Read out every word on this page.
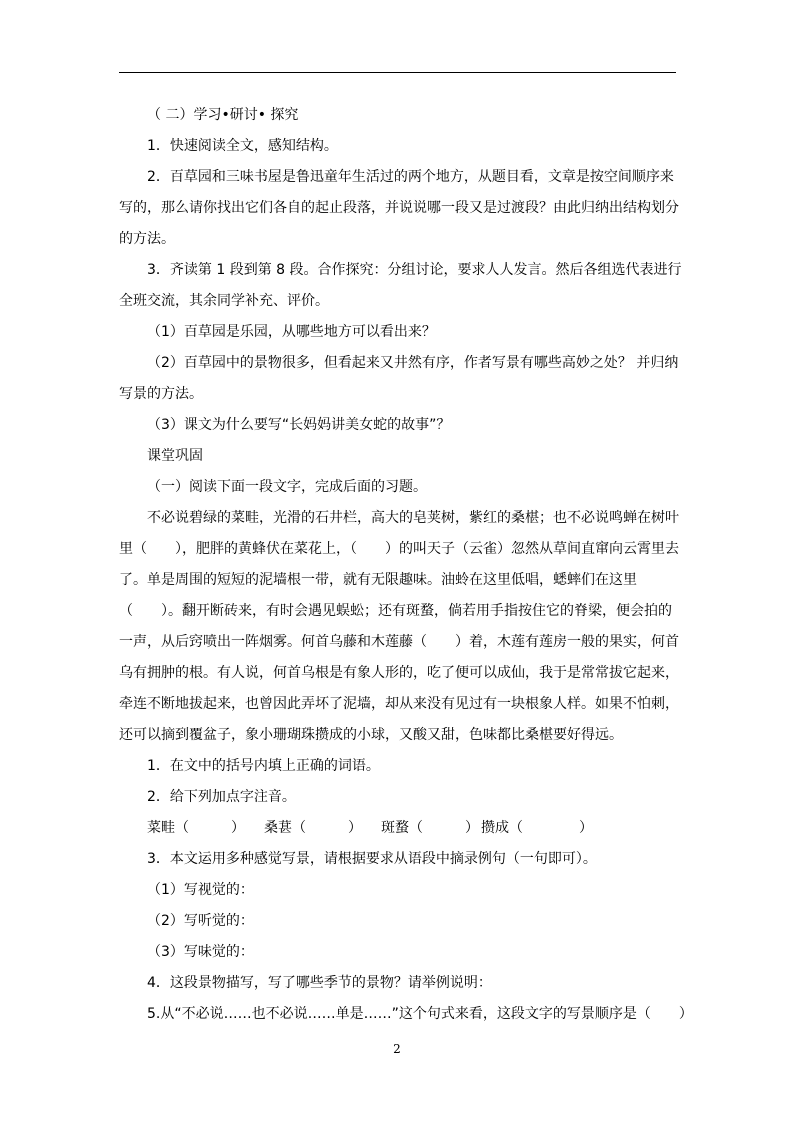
（ 二）学习•研讨• 探究

1．快速阅读全文，感知结构。

2．百草园和三味书屋是鲁迅童年生活过的两个地方，从题目看，文章是按空间顺序来

写的，那么请你找出它们各自的起止段落，并说说哪一段又是过渡段？由此归纳出结构划分

的方法。

3．齐读第 1 段到第 8 段。合作探究：分组讨论，要求人人发言。然后各组选代表进行

全班交流，其余同学补充、评价。

（1）百草园是乐园，从哪些地方可以看出来？

（2）百草园中的景物很多，但看起来又井然有序，作者写景有哪些高妙之处？ 并归纳

写景的方法。

（3）课文为什么要写“长妈妈讲美女蛇的故事”？

课堂巩固

（一）阅读下面一段文字，完成后面的习题。

不必说碧绿的菜畦，光滑的石井栏，高大的皂荚树，紫红的桑椹；也不必说鸣蝉在树叶

里（　　），肥胖的黄蜂伏在菜花上，（　　）的叫天子（云雀）忽然从草间直窜向云霄里去

了。单是周围的短短的泥墙根一带，就有无限趣味。油蛉在这里低唱，蟋蟀们在这里

（　　）。翻开断砖来，有时会遇见蜈蚣；还有斑蝥，倘若用手指按住它的脊梁，便会拍的

一声，从后窍喷出一阵烟雾。何首乌藤和木莲藤（　　）着，木莲有莲房一般的果实，何首

乌有拥肿的根。有人说，何首乌根是有象人形的，吃了便可以成仙，我于是常常拔它起来，

牵连不断地拔起来，也曾因此弄坏了泥墙，却从来没有见过有一块根象人样。如果不怕刺，

还可以摘到覆盆子，象小珊瑚珠攒成的小球，又酸又甜，色味都比桑椹要好得远。

1．在文中的括号内填上正确的词语。

2．给下列加点字注音。

菜畦（　　　）	桑葚（　　　）	斑蝥（　　　） 攒成（　　　　）

3．本文运用多种感觉写景，请根据要求从语段中摘录例句（一句即可）。

（1）写视觉的：

（2）写听觉的：

（3）写味觉的：

4．这段景物描写，写了哪些季节的景物？请举例说明：

5.从“不必说……也不必说……单是……”这个句式来看，这段文字的写景顺序是（　　）

2
